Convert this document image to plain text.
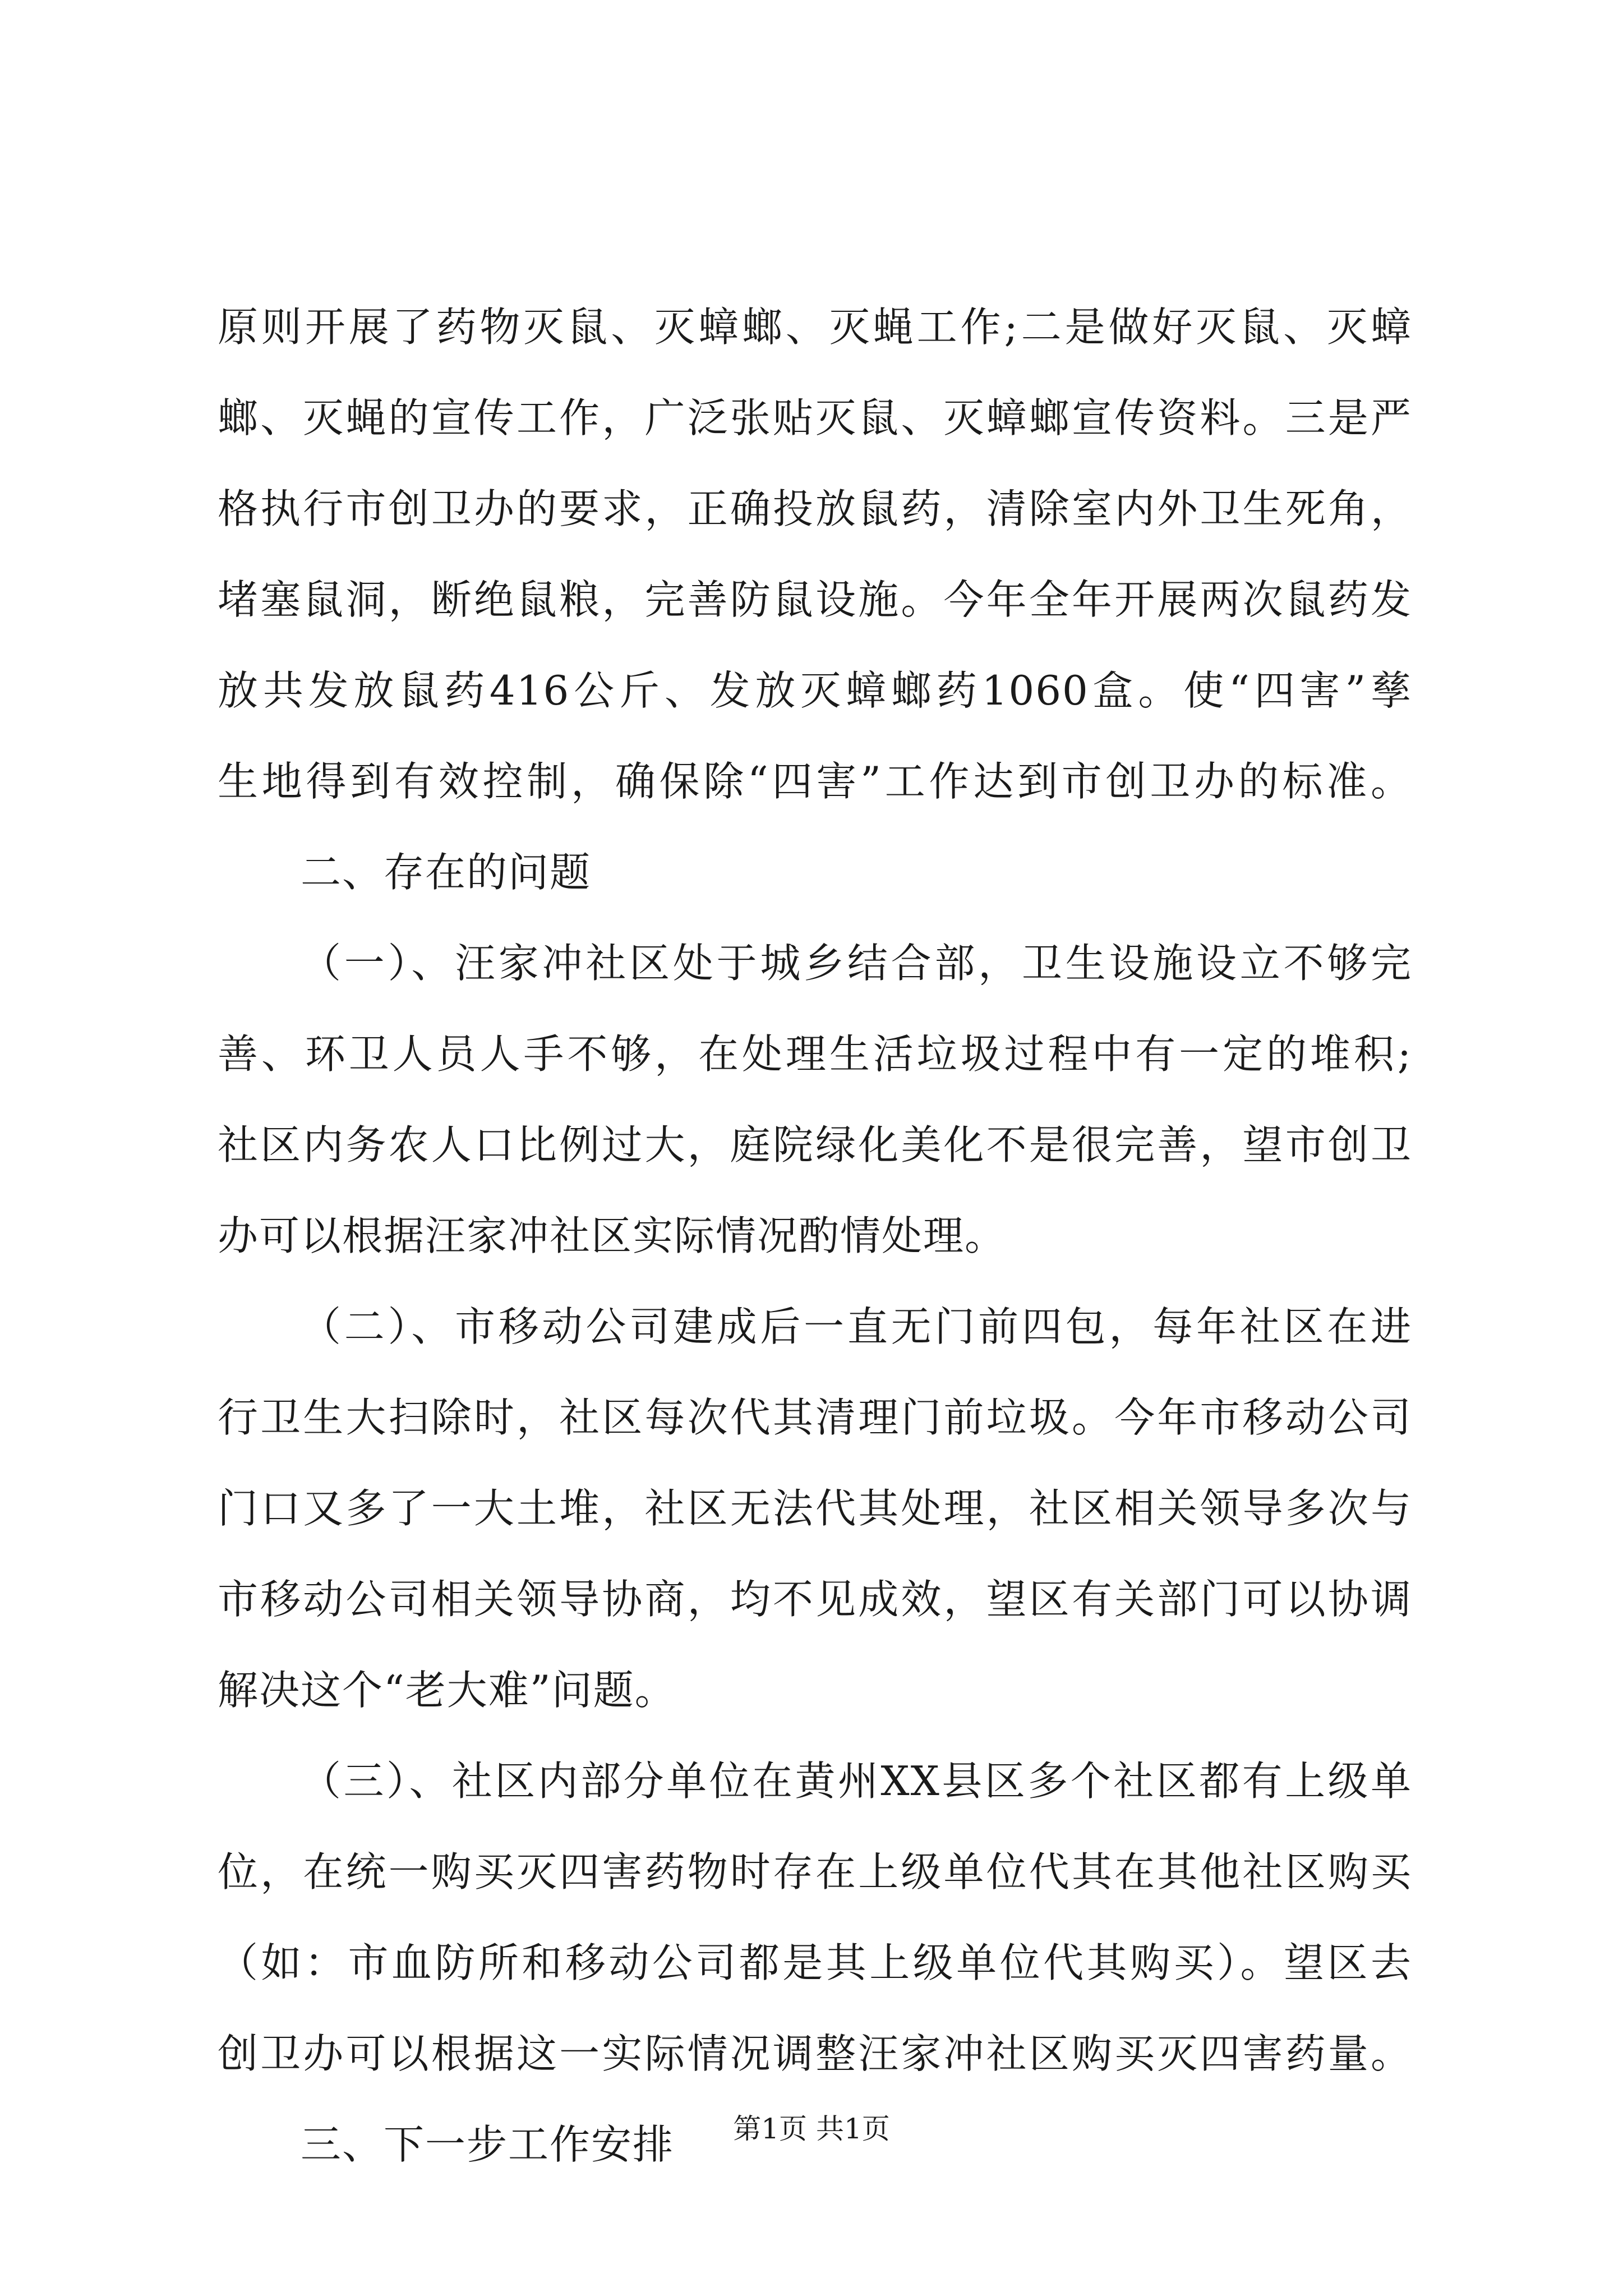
原则开展了药物灭鼠、灭蟑螂、灭蝇工作;二是做好灭鼠、灭蟑
螂、灭蝇的宣传工作，广泛张贴灭鼠、灭蟑螂宣传资料。三是严
格执行市创卫办的要求，正确投放鼠药，清除室内外卫生死角，
堵塞鼠洞，断绝鼠粮，完善防鼠设施。今年全年开展两次鼠药发
放共发放鼠药416公斤、发放灭蟑螂药1060盒。使“四害”孳
生地得到有效控制，确保除“四害”工作达到市创卫办的标准。
二、存在的问题
（一）、汪家冲社区处于城乡结合部，卫生设施设立不够完
善、环卫人员人手不够，在处理生活垃圾过程中有一定的堆积;
社区内务农人口比例过大，庭院绿化美化不是很完善，望市创卫
办可以根据汪家冲社区实际情况酌情处理。
（二）、市移动公司建成后一直无门前四包，每年社区在进
行卫生大扫除时，社区每次代其清理门前垃圾。今年市移动公司
门口又多了一大土堆，社区无法代其处理，社区相关领导多次与
市移动公司相关领导协商，均不见成效，望区有关部门可以协调
解决这个“老大难”问题。
（三）、社区内部分单位在黄州XX县区多个社区都有上级单
位，在统一购买灭四害药物时存在上级单位代其在其他社区购买
（如：市血防所和移动公司都是其上级单位代其购买）。望区去
创卫办可以根据这一实际情况调整汪家冲社区购买灭四害药量。
三、下一步工作安排	第1页 共1页
